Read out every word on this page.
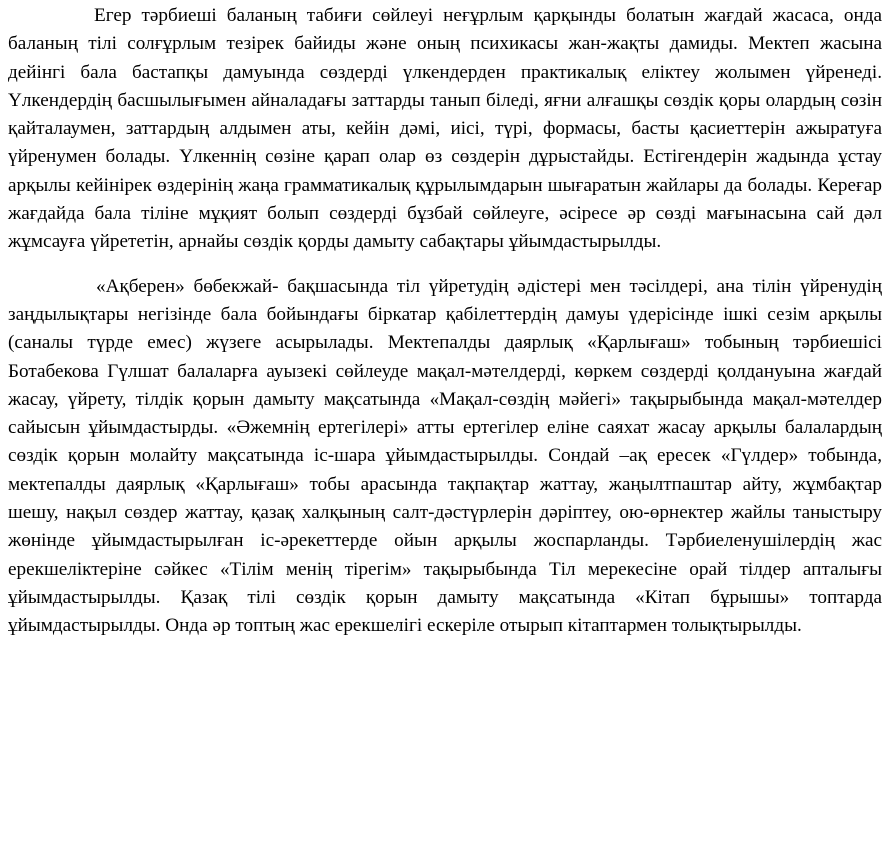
Егер тәрбиеші баланың табиғи сөйлеуі неғұрлым қарқынды болатын жағдай жасаса, онда баланың тілі солғұрлым тезірек байиды және оның психикасы жан-жақты дамиды. Мектеп жасына дейінгі бала бастапқы дамуында сөздерді үлкендерден практикалық еліктеу жолымен үйренеді. Үлкендердің басшылығымен айналадағы заттарды танып біледі, яғни алғашқы сөздік қоры олардың сөзін қайталаумен, заттардың алдымен аты, кейін дәмі, иісі, түрі, формасы, басты қасиеттерін ажыратуға үйренумен болады. Үлкеннің сөзіне қарап олар өз сөздерін дұрыстайды. Естігендерін жадында ұстау арқылы кейінірек өздерінің жаңа грамматикалық құрылымдарын шығаратын жайлары да болады. Кереғар жағдайда бала тіліне мұқият болып сөздерді бұзбай сөйлеуге, әсіресе әр сөзді мағынасына сай дәл жұмсауға үйрететін, арнайы сөздік қорды дамыту сабақтары ұйымдастырылды.

«Ақберен» бөбекжай- бақшасында тіл үйретудің әдістері мен тәсілдері, ана тілін үйренудің заңдылықтары негізінде бала бойындағы біркатар қабілеттердің дамуы үдерісінде ішкі сезім арқылы (саналы түрде емес) жүзеге асырылады. Мектепалды даярлық «Қарлығаш» тобының тәрбиешісі Ботабекова Гүлшат балаларға ауызекі сөйлеуде мақал-мәтелдерді, көркем сөздерді қолдануына жағдай жасау, үйрету, тілдік қорын дамыту мақсатында «Мақал-сөздің мәйегі» тақырыбында мақал-мәтелдер сайысын ұйымдастырды. «Әжемнің ертегілері» атты ертегілер еліне саяхат жасау арқылы балалардың сөздік қорын молайту мақсатында іс-шара ұйымдастырылды. Сондай –ақ ересек «Гүлдер» тобында, мектепалды даярлық «Қарлығаш» тобы арасында тақпақтар жаттау, жаңылтпаштар айту, жұмбақтар шешу, нақыл сөздер жаттау, қазақ халқының салт-дәстүрлерін дәріптеу, ою-өрнектер жайлы таныстыру жөнінде ұйымдастырылған іс-әрекеттерде ойын арқылы жоспарланды. Тәрбиеленушілердің жас ерекшеліктеріне сәйкес «Тілім менің тірегім» тақырыбында Тіл мерекесіне орай тілдер апталығы ұйымдастырылды. Қазақ тілі сөздік қорын дамыту мақсатында «Кітап бұрышы» топтарда ұйымдастырылды. Онда әр топтың жас ерекшелігі ескеріле отырып кітаптармен толықтырылды.
